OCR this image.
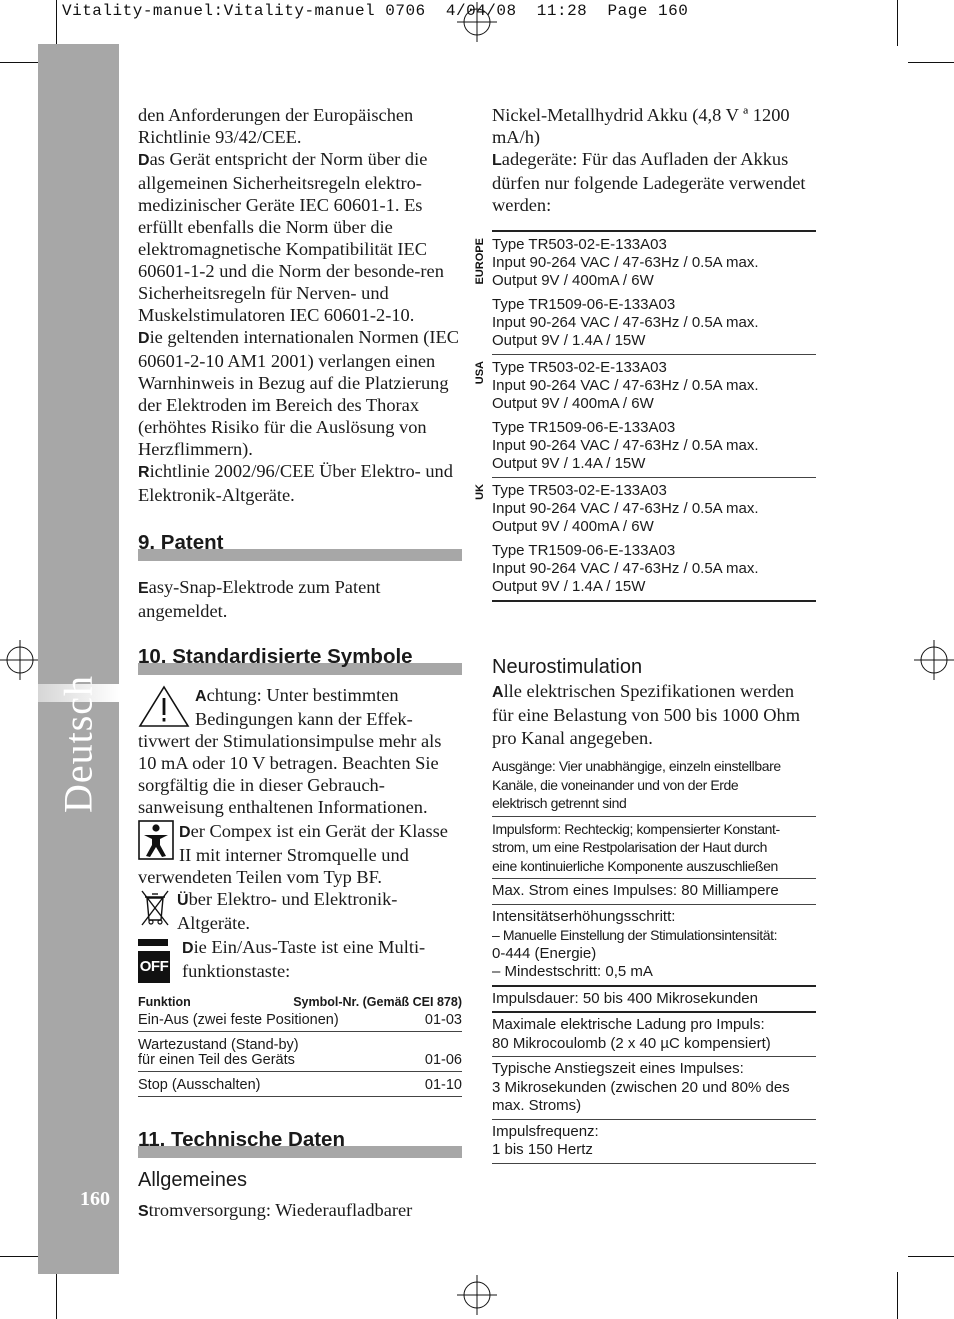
Vitality-manuel:Vitality-manuel 0706  4/04/08  11:28  Page 160
Deutsch
160

den Anforderungen der Europäischen Richtlinie 93/42/CEE.

Das Gerät entspricht der Norm über die allgemeinen Sicherheitsregeln elektro-medizinischer Geräte IEC 60601-1. Es erfüllt ebenfalls die Norm über die elektromagnetische Kompatibilität IEC 60601-1-2 und die Norm der besonde-ren Sicherheitsregeln für Nerven- und Muskelstimulatoren IEC 60601-2-10.

Die geltenden internationalen Normen (IEC 60601-2-10 AM1 2001) verlangen einen Warnhinweis in Bezug auf die Platzierung der Elektroden im Bereich des Thorax (erhöhtes Risiko für die Auslösung von Herzflimmern).

Richtlinie 2002/96/CEE Über Elektro- und Elektronik-Altgeräte.

9. Patent

Easy-Snap-Elektrode zum Patent angemeldet.

10. Standardisierte Symbole

Achtung: Unter bestimmten Bedingungen kann der Effek-tivwert der Stimulationsimpulse mehr als 10 mA oder 10 V betragen. Beachten Sie sorgfältig die in dieser Gebrauch-sanweisung enthaltenen Informationen.

Der Compex ist ein Gerät der Klasse II mit interner Stromquelle und verwendeten Teilen vom Typ BF.

Über Elektro- und Elektronik-Altgeräte.

OFF

Die Ein/Aus-Taste ist eine Multi-funktionstaste:

Funktion	Symbol-Nr. (Gemäß CEI 878)
Ein-Aus (zwei feste Positionen)	01-03
Wartezustand (Stand-by)
für einen Teil des Geräts	01-06
Stop (Ausschalten)	01-10
11. Technische Daten
Allgemeines

Stromversorgung: Wiederaufladbarer

Nickel-Metallhydrid Akku (4,8 V ª 1200 mA/h)

Ladegeräte: Für das Aufladen der Akkus dürfen nur folgende Ladegeräte verwendet werden:

EUROPE Type TR503-02-E-133A03
Input 90-264 VAC / 47-63Hz / 0.5A max.
Output 9V / 400mA / 6W
Type TR1509-06-E-133A03
Input 90-264 VAC / 47-63Hz / 0.5A max.
Output 9V / 1.4A / 15W
USA Type TR503-02-E-133A03
Input 90-264 VAC / 47-63Hz / 0.5A max.
Output 9V / 400mA / 6W
Type TR1509-06-E-133A03
Input 90-264 VAC / 47-63Hz / 0.5A max.
Output 9V / 1.4A / 15W
UK Type TR503-02-E-133A03
Input 90-264 VAC / 47-63Hz / 0.5A max.
Output 9V / 400mA / 6W
Type TR1509-06-E-133A03
Input 90-264 VAC / 47-63Hz / 0.5A max.
Output 9V / 1.4A / 15W
Neurostimulation

Alle elektrischen Spezifikationen werden für eine Belastung von 500 bis 1000 Ohm pro Kanal angegeben.

Ausgänge: Vier unabhängige, einzeln einstellbare
Kanäle, die voneinander und von der Erde
elektrisch getrennt sind
Impulsform: Rechteckig; kompensierter Konstant-
strom, um eine Restpolarisation der Haut durch
eine kontinuierliche Komponente auszuschließen
Max. Strom eines Impulses: 80 Milliampere
Intensitätserhöhungsschritt:
– Manuelle Einstellung der Stimulationsintensität:
0-444 (Energie)
– Mindestschritt: 0,5 mA
Impulsdauer: 50 bis 400 Mikrosekunden
Maximale elektrische Ladung pro Impuls:
80 Mikrocoulomb (2 x 40 µC kompensiert)
Typische Anstiegszeit eines Impulses:
3 Mikrosekunden (zwischen 20 und 80% des
max. Stroms)
Impulsfrequenz:
1 bis 150 Hertz
